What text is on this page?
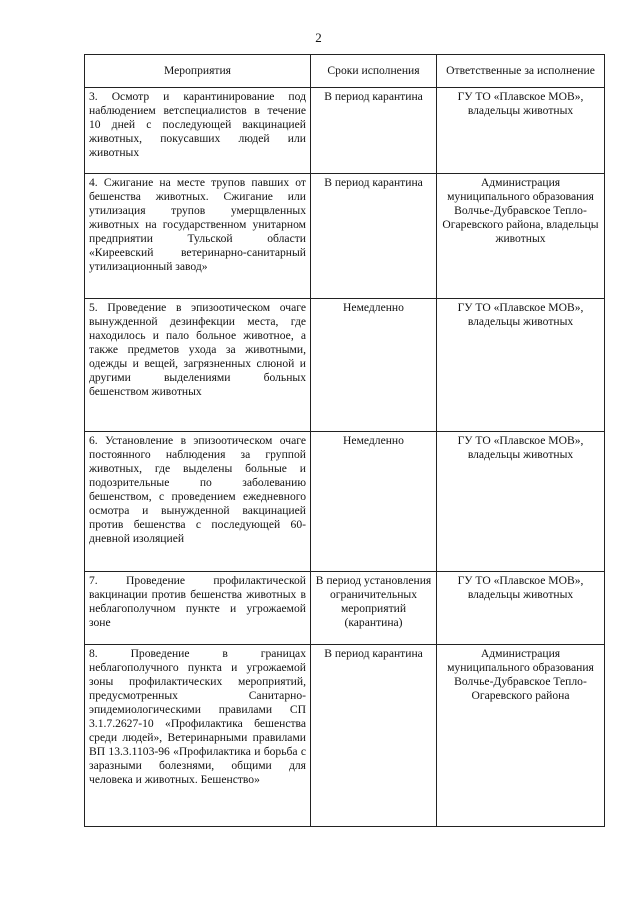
2
Мероприятия	Сроки исполнения	Ответственные за исполнение
3. Осмотр и карантинирование под наблюдением ветспециалистов в течение 10 дней с последующей вакцинацией животных, покусавших людей или животных	В период карантина	ГУ ТО «Плавское МОВ», владельцы животных
4. Сжигание на месте трупов павших от бешенства животных. Сжигание или утилизация трупов умерщвленных животных на государственном унитарном предприятии Тульской области «Киреевский ветеринарно-санитарный утилизационный завод»	В период карантина	Администрация муниципального образования Волчье-Дубравское Тепло-Огаревского района, владельцы животных
5. Проведение в эпизоотическом очаге вынужденной дезинфекции места, где находилось и пало больное животное, а также предметов ухода за животными, одежды и вещей, загрязненных слюной и другими выделениями больных бешенством животных	Немедленно	ГУ ТО «Плавское МОВ», владельцы животных
6. Установление в эпизоотическом очаге постоянного наблюдения за группой животных, где выделены больные и подозрительные по заболеванию бешенством, с проведением ежедневного осмотра и вынужденной вакцинацией против бешенства с последующей 60-дневной изоляцией	Немедленно	ГУ ТО «Плавское МОВ», владельцы животных
7. Проведение профилактической вакцинации против бешенства животных в неблагополучном пункте и угрожаемой зоне	В период установления ограничительных мероприятий (карантина)	ГУ ТО «Плавское МОВ», владельцы животных
8. Проведение в границах неблагополучного пункта и угрожаемой зоны профилактических мероприятий, предусмотренных Санитарно-эпидемиологическими правилами СП 3.1.7.2627-10 «Профилактика бешенства среди людей», Ветеринарными правилами ВП 13.3.1103-96 «Профилактика и борьба с заразными болезнями, общими для человека и животных. Бешенство»	В период карантина	Администрация муниципального образования Волчье-Дубравское Тепло-Огаревского района
